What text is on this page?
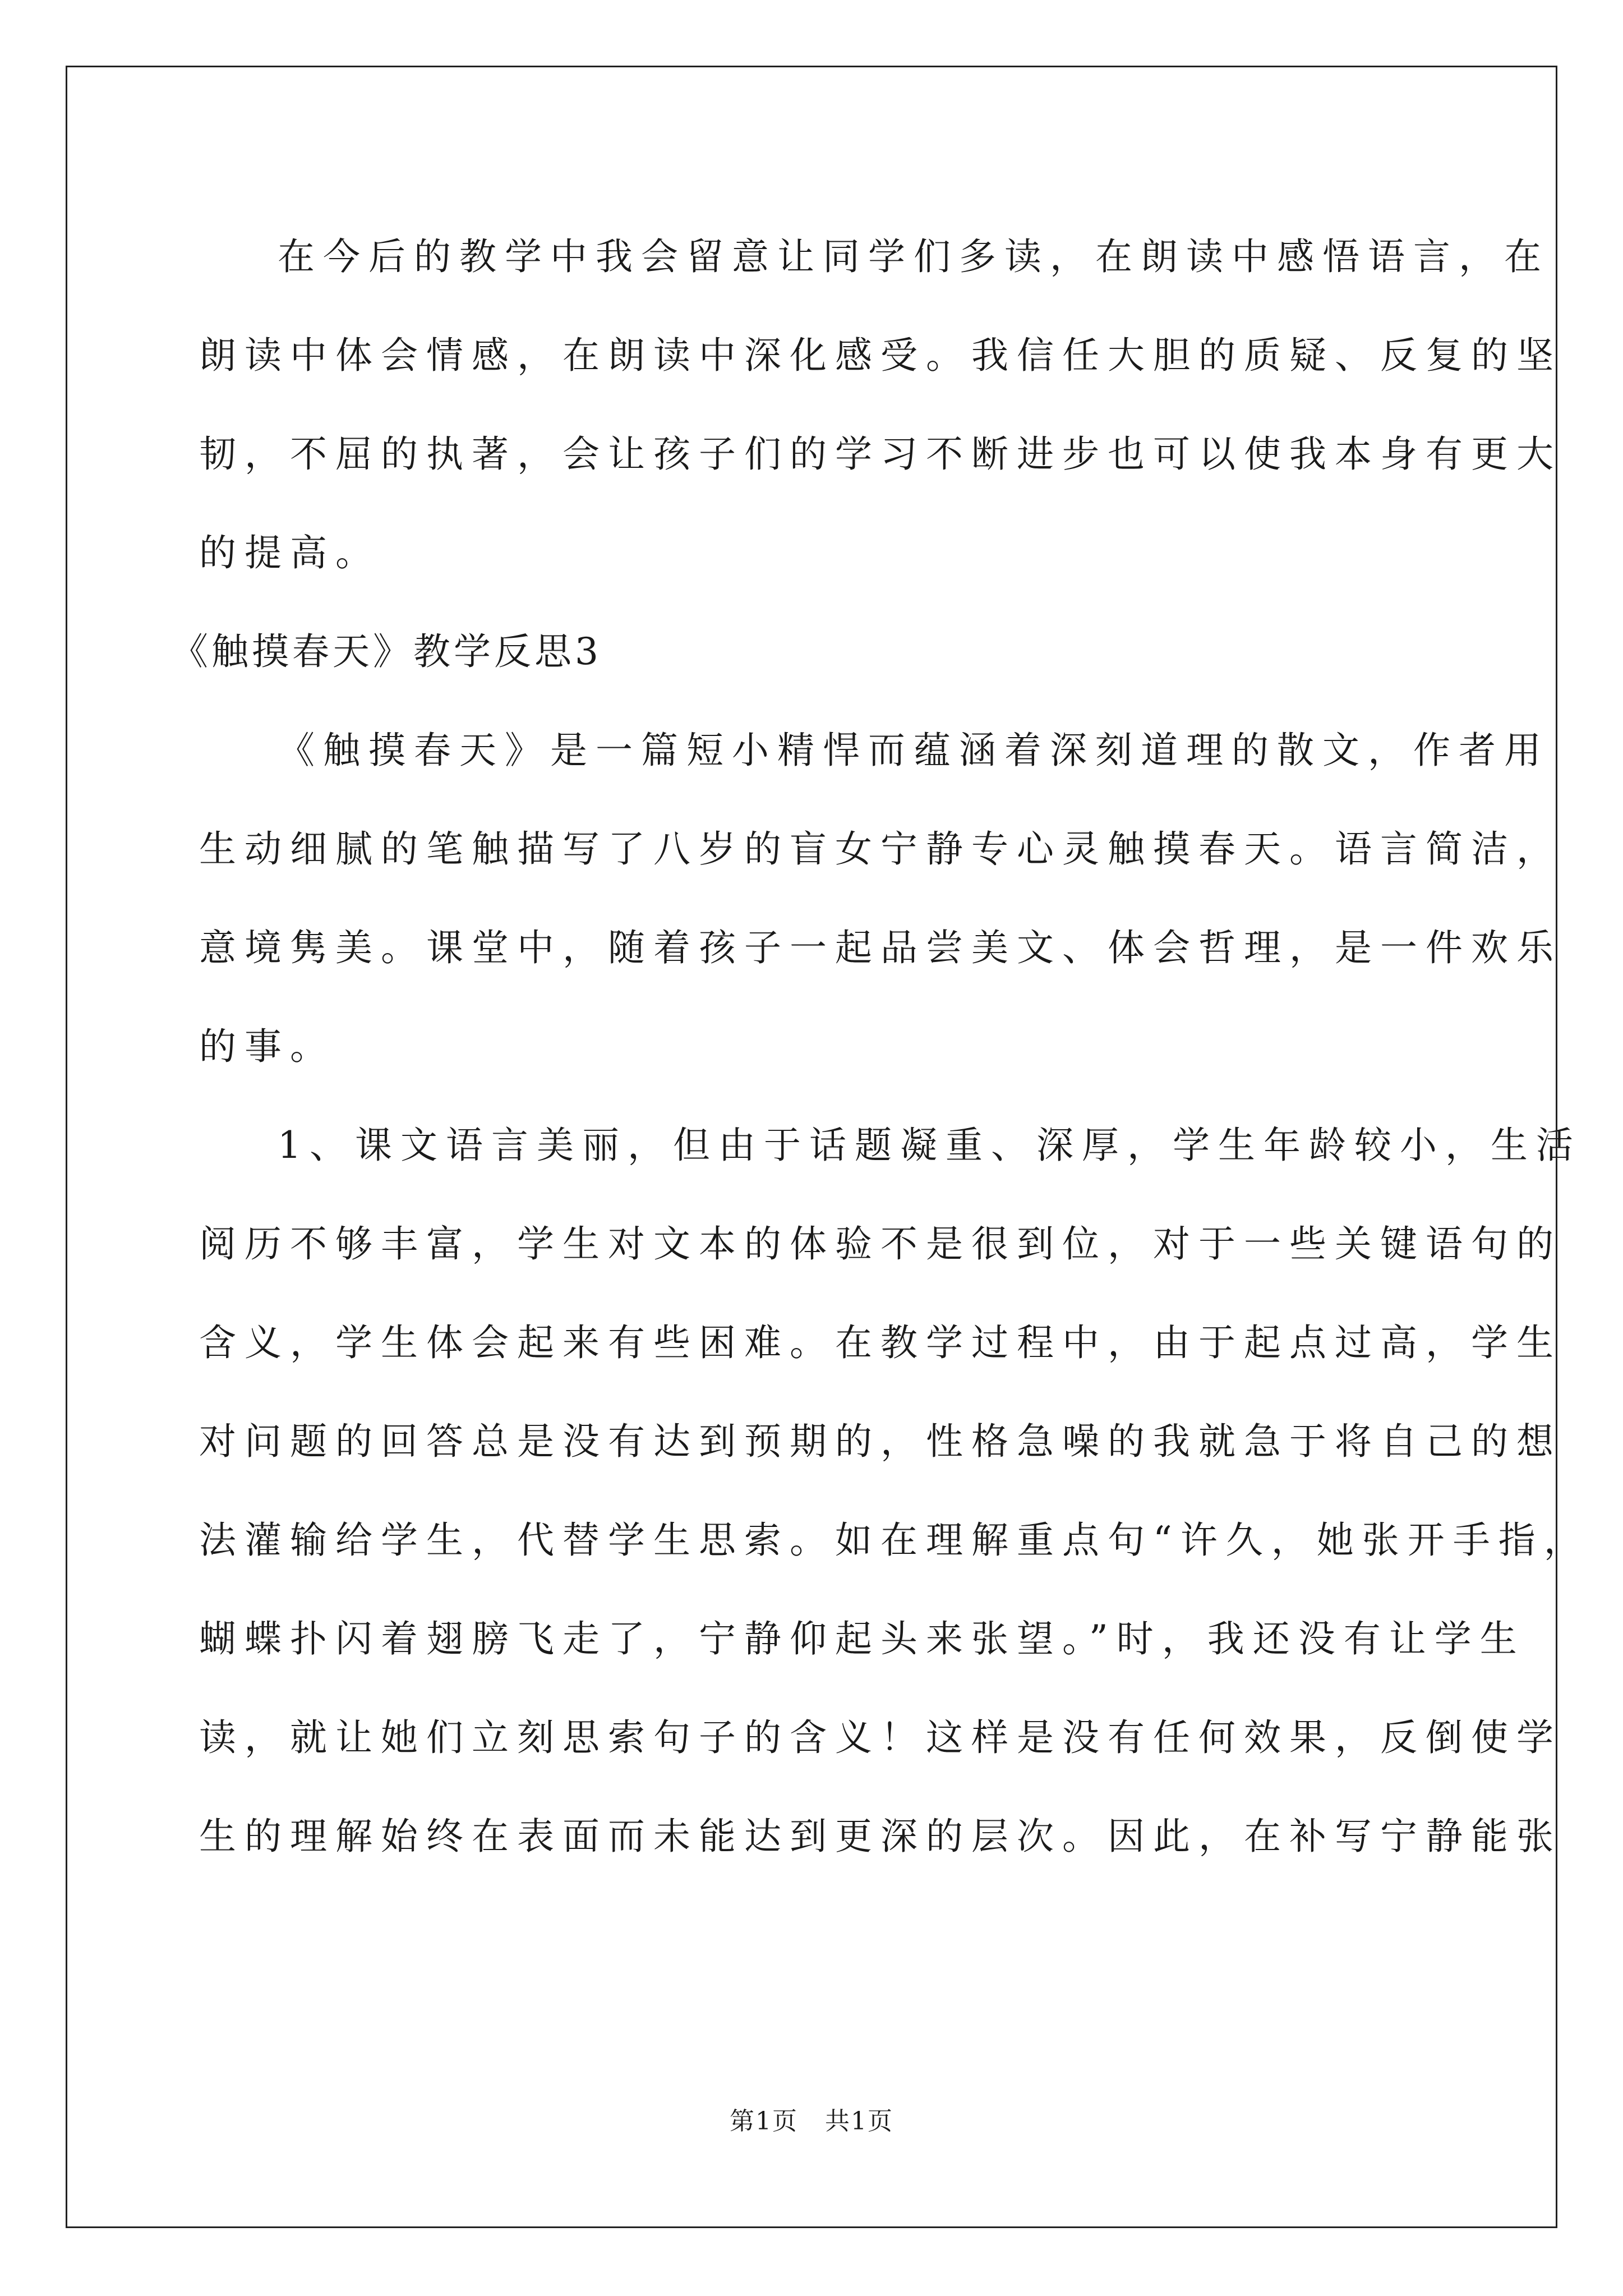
在今后的教学中我会留意让同学们多读，在朗读中感悟语言，在
朗读中体会情感，在朗读中深化感受。我信任大胆的质疑、反复的坚
韧，不屈的执著，会让孩子们的学习不断进步也可以使我本身有更大
的提高。
《触摸春天》教学反思3
《触摸春天》是一篇短小精悍而蕴涵着深刻道理的散文，作者用
生动细腻的笔触描写了八岁的盲女宁静专心灵触摸春天。语言简洁，
意境隽美。课堂中，随着孩子一起品尝美文、体会哲理，是一件欢乐
的事。
1、课文语言美丽，但由于话题凝重、深厚，学生年龄较小，生活
阅历不够丰富，学生对文本的体验不是很到位，对于一些关键语句的
含义，学生体会起来有些困难。在教学过程中，由于起点过高，学生
对问题的回答总是没有达到预期的，性格急噪的我就急于将自己的想
法灌输给学生，代替学生思索。如在理解重点句“许久，她张开手指，
蝴蝶扑闪着翅膀飞走了，宁静仰起头来张望。”时，我还没有让学生
读，就让她们立刻思索句子的含义！这样是没有任何效果，反倒使学
生的理解始终在表面而未能达到更深的层次。因此，在补写宁静能张
第1页 共1页
